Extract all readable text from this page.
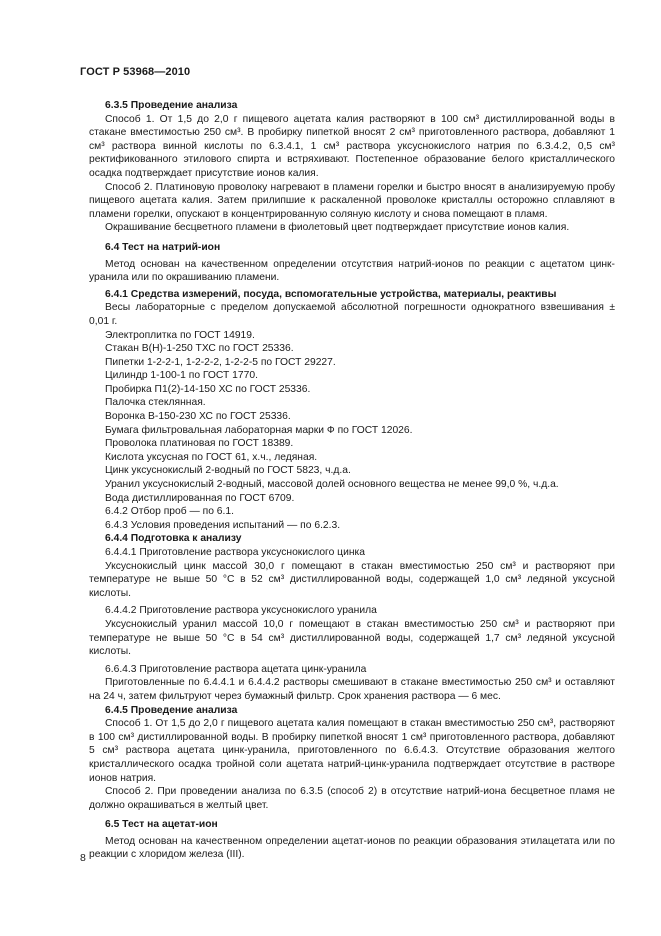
ГОСТ Р 53968—2010

6.3.5 Проведение анализа

Способ 1. От 1,5 до 2,0 г пищевого ацетата калия растворяют в 100 см³ дистиллированной воды в стакане вместимостью 250 см³. В пробирку пипеткой вносят 2 см³ приготовленного раствора, добавляют 1 см³ раствора винной кислоты по 6.3.4.1, 1 см³ раствора уксуснокислого натрия по 6.3.4.2, 0,5 см³ ректификованного этилового спирта и встряхивают. Постепенное образование белого кристаллического осадка подтверждает присутствие ионов калия.

Способ 2. Платиновую проволоку нагревают в пламени горелки и быстро вносят в анализируемую пробу пищевого ацетата калия. Затем прилипшие к раскаленной проволоке кристаллы осторожно сплавляют в пламени горелки, опускают в концентрированную соляную кислоту и снова помещают в пламя.

Окрашивание бесцветного пламени в фиолетовый цвет подтверждает присутствие ионов калия.

6.4 Тест на натрий-ион

Метод основан на качественном определении отсутствия натрий-ионов по реакции с ацетатом цинк-уранила или по окрашиванию пламени.

6.4.1 Средства измерений, посуда, вспомогательные устройства, материалы, реактивы

Весы лабораторные с пределом допускаемой абсолютной погрешности однократного взвешивания ± 0,01 г.

Электроплитка по ГОСТ 14919.

Стакан В(Н)-1-250 ТХС по ГОСТ 25336.

Пипетки 1-2-2-1, 1-2-2-2, 1-2-2-5 по ГОСТ 29227.

Цилиндр 1-100-1 по ГОСТ 1770.

Пробирка П1(2)-14-150 ХС по ГОСТ 25336.

Палочка стеклянная.

Воронка В-150-230 ХС по ГОСТ 25336.

Бумага фильтровальная лабораторная марки Ф по ГОСТ 12026.

Проволока платиновая по ГОСТ 18389.

Кислота уксусная по ГОСТ 61, х.ч., ледяная.

Цинк уксуснокислый 2-водный по ГОСТ 5823, ч.д.а.

Уранил уксуснокислый 2-водный, массовой долей основного вещества не менее 99,0 %, ч.д.а.

Вода дистиллированная по ГОСТ 6709.

6.4.2 Отбор проб — по 6.1.

6.4.3 Условия проведения испытаний — по 6.2.3.

6.4.4 Подготовка к анализу

6.4.4.1 Приготовление раствора уксуснокислого цинка

Уксуснокислый цинк массой 30,0 г помещают в стакан вместимостью 250 см³ и растворяют при температуре не выше 50 °С в 52 см³ дистиллированной воды, содержащей 1,0 см³ ледяной уксусной кислоты.

6.4.4.2 Приготовление раствора уксуснокислого уранила

Уксуснокислый уранил массой 10,0 г помещают в стакан вместимостью 250 см³ и растворяют при температуре не выше 50 °С в 54 см³ дистиллированной воды, содержащей 1,7 см³ ледяной уксусной кислоты.

6.6.4.3 Приготовление раствора ацетата цинк-уранила

Приготовленные по 6.4.4.1 и 6.4.4.2 растворы смешивают в стакане вместимостью 250 см³ и оставляют на 24 ч, затем фильтруют через бумажный фильтр. Срок хранения раствора — 6 мес.

6.4.5 Проведение анализа

Способ 1. От 1,5 до 2,0 г пищевого ацетата калия помещают в стакан вместимостью 250 см³, растворяют в 100 см³ дистиллированной воды. В пробирку пипеткой вносят 1 см³ приготовленного раствора, добавляют 5 см³ раствора ацетата цинк-уранила, приготовленного по 6.6.4.3. Отсутствие образования желтого кристаллического осадка тройной соли ацетата натрий-цинк-уранила подтверждает отсутствие в растворе ионов натрия.

Способ 2. При проведении анализа по 6.3.5 (способ 2) в отсутствие натрий-иона бесцветное пламя не должно окрашиваться в желтый цвет.

6.5 Тест на ацетат-ион

Метод основан на качественном определении ацетат-ионов по реакции образования этилацетата или по реакции с хлоридом железа (III).

8
